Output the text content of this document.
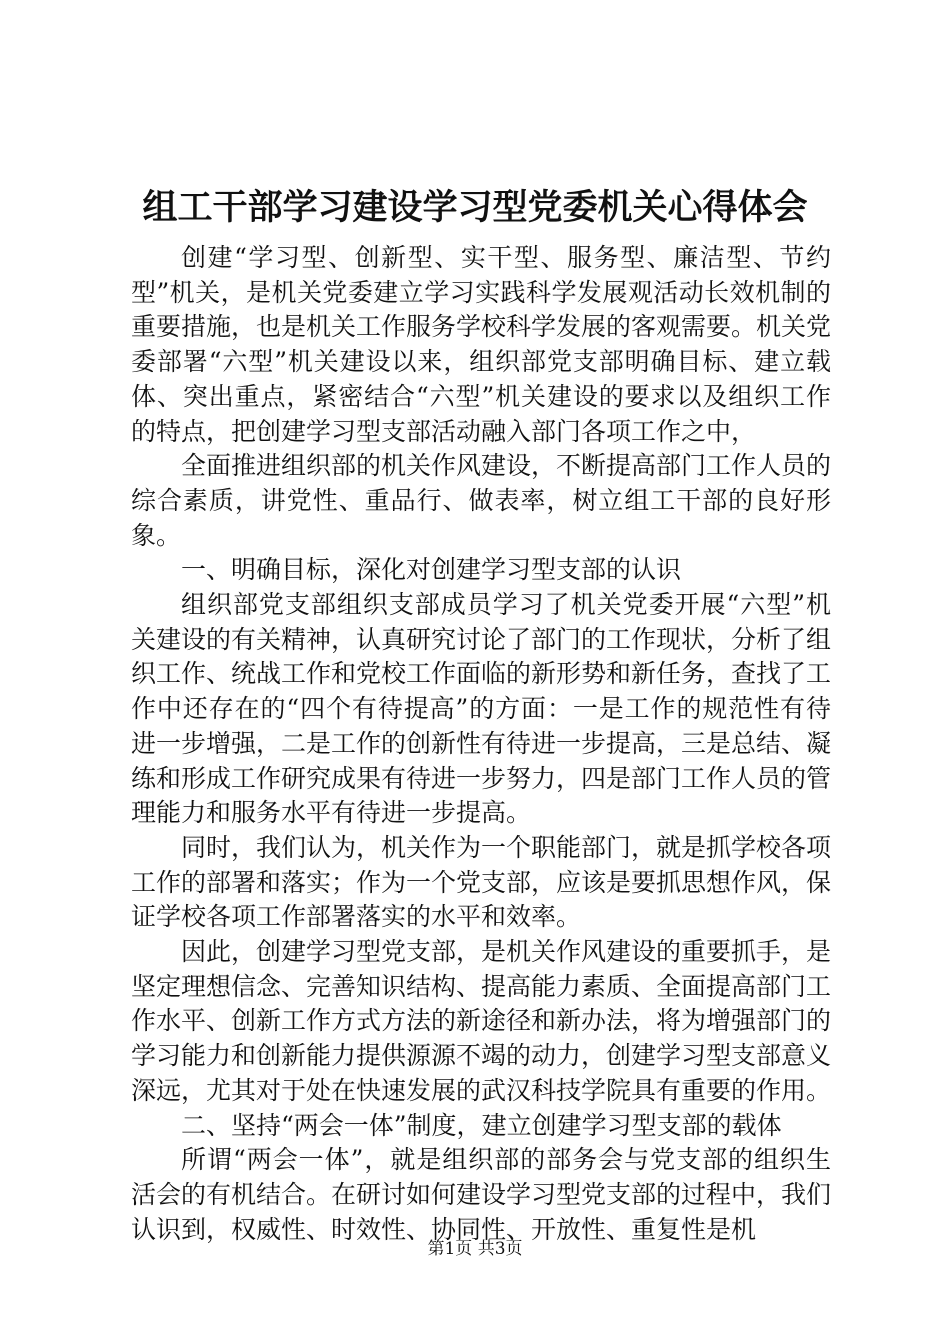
组工干部学习建设学习型党委机关心得体会

创建“学习型、创新型、实干型、服务型、廉洁型、节约型”机关，是机关党委建立学习实践科学发展观活动长效机制的重要措施，也是机关工作服务学校科学发展的客观需要。机关党委部署“六型”机关建设以来，组织部党支部明确目标、建立载体、突出重点，紧密结合“六型”机关建设的要求以及组织工作的特点，把创建学习型支部活动融入部门各项工作之中，

全面推进组织部的机关作风建设，不断提高部门工作人员的综合素质，讲党性、重品行、做表率，树立组工干部的良好形象。

一、明确目标，深化对创建学习型支部的认识

组织部党支部组织支部成员学习了机关党委开展“六型”机关建设的有关精神，认真研究讨论了部门的工作现状，分析了组织工作、统战工作和党校工作面临的新形势和新任务，查找了工作中还存在的“四个有待提高”的方面：一是工作的规范性有待进一步增强，二是工作的创新性有待进一步提高，三是总结、凝练和形成工作研究成果有待进一步努力，四是部门工作人员的管理能力和服务水平有待进一步提高。

同时，我们认为，机关作为一个职能部门，就是抓学校各项工作的部署和落实；作为一个党支部，应该是要抓思想作风，保证学校各项工作部署落实的水平和效率。

因此，创建学习型党支部，是机关作风建设的重要抓手，是坚定理想信念、完善知识结构、提高能力素质、全面提高部门工作水平、创新工作方式方法的新途径和新办法，将为增强部门的学习能力和创新能力提供源源不竭的动力，创建学习型支部意义深远，尤其对于处在快速发展的武汉科技学院具有重要的作用。

二、坚持“两会一体”制度，建立创建学习型支部的载体

所谓“两会一体”，就是组织部的部务会与党支部的组织生活会的有机结合。在研讨如何建设学习型党支部的过程中，我们认识到，权威性、时效性、协同性、开放性、重复性是机

第1页 共3页
